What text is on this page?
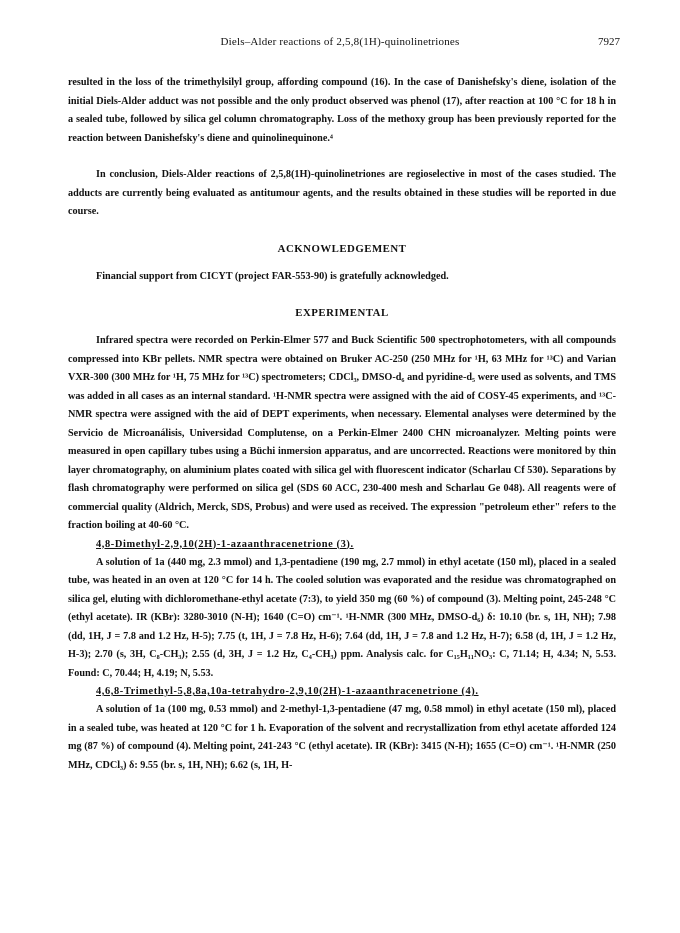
Diels–Alder reactions of 2,5,8(1H)-quinolinetriones	7927

resulted in the loss of the trimethylsilyl group, affording compound (16). In the case of Danishefsky's diene, isolation of the initial Diels-Alder adduct was not possible and the only product observed was phenol (17), after reaction at 100 °C for 18 h in a sealed tube, followed by silica gel column chromatography. Loss of the methoxy group has been previously reported for the reaction between Danishefsky's diene and quinolinequinone.⁴

In conclusion, Diels-Alder reactions of 2,5,8(1H)-quinolinetriones are regioselective in most of the cases studied. The adducts are currently being evaluated as antitumour agents, and the results obtained in these studies will be reported in due course.

ACKNOWLEDGEMENT

Financial support from CICYT (project FAR-553-90) is gratefully acknowledged.

EXPERIMENTAL

Infrared spectra were recorded on Perkin-Elmer 577 and Buck Scientific 500 spectrophotometers, with all compounds compressed into KBr pellets. NMR spectra were obtained on Bruker AC-250 (250 MHz for ¹H, 63 MHz for ¹³C) and Varian VXR-300 (300 MHz for ¹H, 75 MHz for ¹³C) spectrometers; CDCl₃, DMSO-d₆ and pyridine-d₅ were used as solvents, and TMS was added in all cases as an internal standard. ¹H-NMR spectra were assigned with the aid of COSY-45 experiments, and ¹³C-NMR spectra were assigned with the aid of DEPT experiments, when necessary. Elemental analyses were determined by the Servicio de Microanálisis, Universidad Complutense, on a Perkin-Elmer 2400 CHN microanalyzer. Melting points were measured in open capillary tubes using a Büchi inmersion apparatus, and are uncorrected. Reactions were monitored by thin layer chromatography, on aluminium plates coated with silica gel with fluorescent indicator (Scharlau Cf 530). Separations by flash chromatography were performed on silica gel (SDS 60 ACC, 230-400 mesh and Scharlau Ge 048). All reagents were of commercial quality (Aldrich, Merck, SDS, Probus) and were used as received. The expression "petroleum ether" refers to the fraction boiling at 40-60 °C.

4,8-Dimethyl-2,9,10(2H)-1-azaanthracenetrione (3).

A solution of 1a (440 mg, 2.3 mmol) and 1,3-pentadiene (190 mg, 2.7 mmol) in ethyl acetate (150 ml), placed in a sealed tube, was heated in an oven at 120 °C for 14 h. The cooled solution was evaporated and the residue was chromatographed on silica gel, eluting with dichloromethane-ethyl acetate (7:3), to yield 350 mg (60 %) of compound (3). Melting point, 245-248 °C (ethyl acetate). IR (KBr): 3280-3010 (N-H); 1640 (C=O) cm⁻¹. ¹H-NMR (300 MHz, DMSO-d₆) δ: 10.10 (br. s, 1H, NH); 7.98 (dd, 1H, J = 7.8 and 1.2 Hz, H-5); 7.75 (t, 1H, J = 7.8 Hz, H-6); 7.64 (dd, 1H, J = 7.8 and 1.2 Hz, H-7); 6.58 (d, 1H, J = 1.2 Hz, H-3); 2.70 (s, 3H, C₈-CH₃); 2.55 (d, 3H, J = 1.2 Hz, C₄-CH₃) ppm. Analysis calc. for C₁₅H₁₁NO₃: C, 71.14; H, 4.34; N, 5.53. Found: C, 70.44; H, 4.19; N, 5.53.

4,6,8-Trimethyl-5,8,8a,10a-tetrahydro-2,9,10(2H)-1-azaanthracenetrione (4).

A solution of 1a (100 mg, 0.53 mmol) and 2-methyl-1,3-pentadiene (47 mg, 0.58 mmol) in ethyl acetate (150 ml), placed in a sealed tube, was heated at 120 °C for 1 h. Evaporation of the solvent and recrystallization from ethyl acetate afforded 124 mg (87 %) of compound (4). Melting point, 241-243 °C (ethyl acetate). IR (KBr): 3415 (N-H); 1655 (C=O) cm⁻¹. ¹H-NMR (250 MHz, CDCl₃) δ: 9.55 (br. s, 1H, NH); 6.62 (s, 1H, H-
